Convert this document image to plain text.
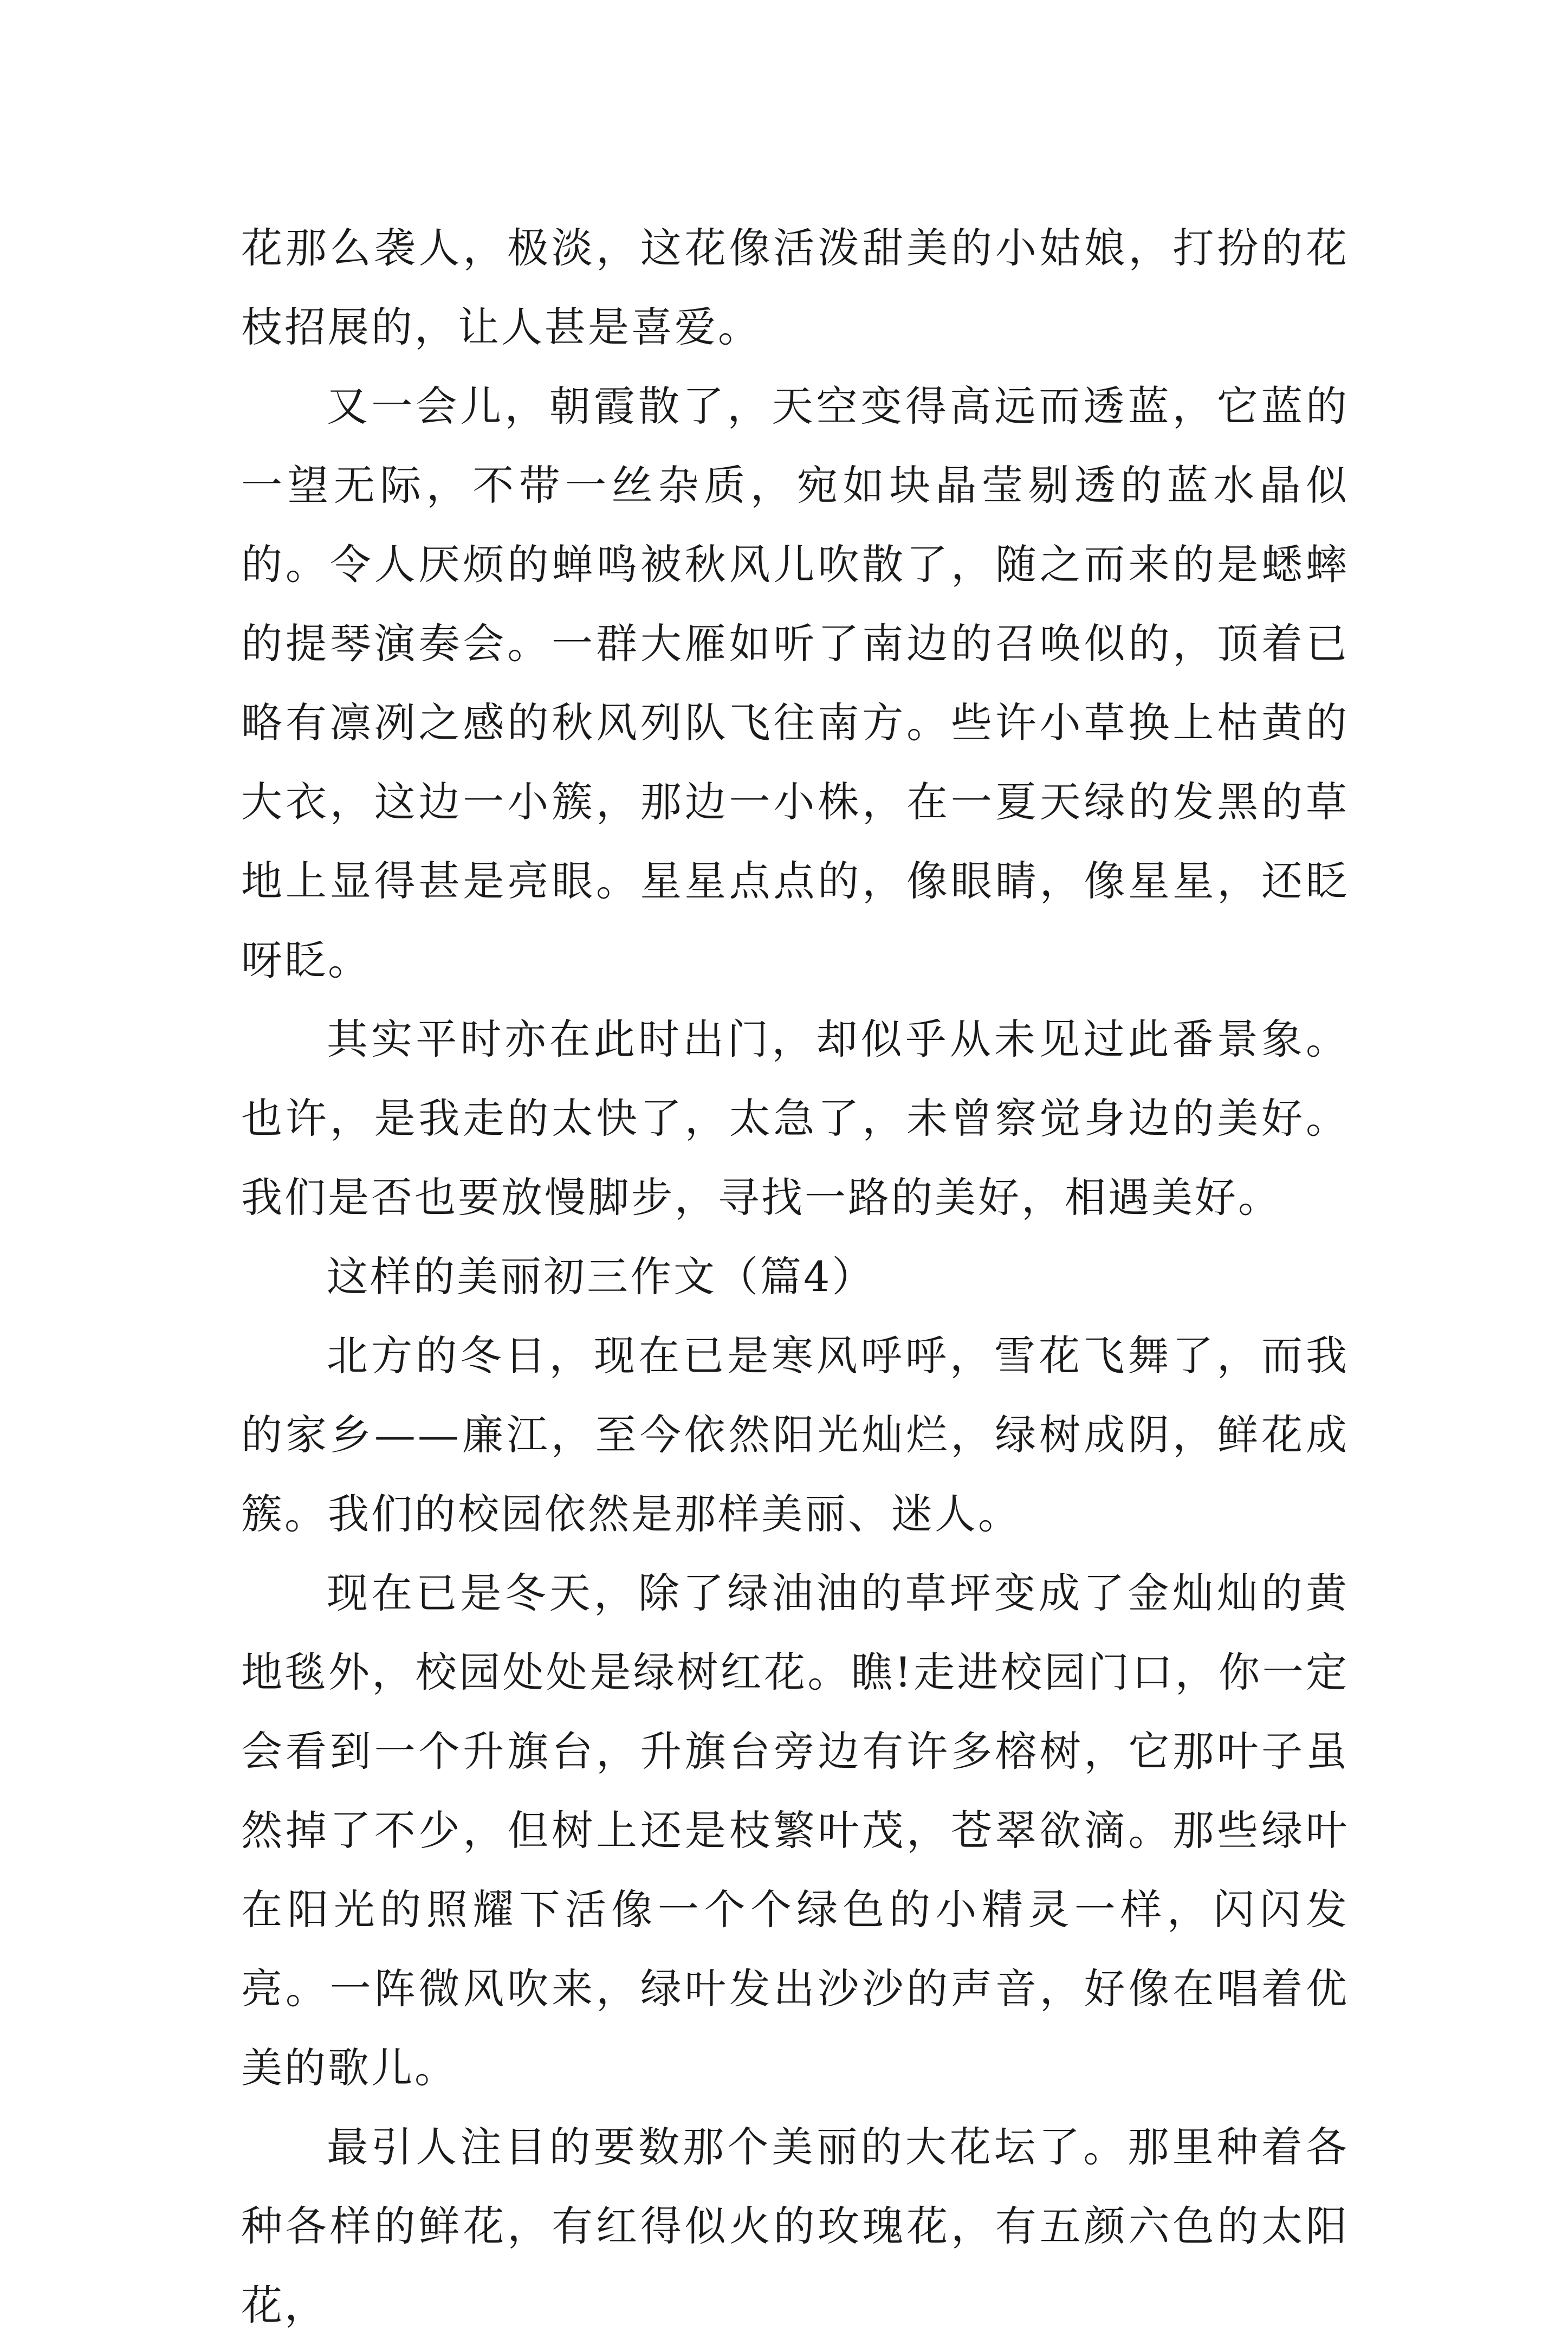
花那么袭人，极淡，这花像活泼甜美的小姑娘，打扮的花枝招展的，让人甚是喜爱。

又一会儿，朝霞散了，天空变得高远而透蓝，它蓝的一望无际，不带一丝杂质，宛如块晶莹剔透的蓝水晶似的。令人厌烦的蝉鸣被秋风儿吹散了，随之而来的是蟋蟀的提琴演奏会。一群大雁如听了南边的召唤似的，顶着已略有凛冽之感的秋风列队飞往南方。些许小草换上枯黄的大衣，这边一小簇，那边一小株，在一夏天绿的发黑的草地上显得甚是亮眼。星星点点的，像眼睛，像星星，还眨呀眨。

其实平时亦在此时出门，却似乎从未见过此番景象。也许，是我走的太快了，太急了，未曾察觉身边的美好。我们是否也要放慢脚步，寻找一路的美好，相遇美好。

这样的美丽初三作文（篇4）

北方的冬日，现在已是寒风呼呼，雪花飞舞了，而我的家乡——廉江，至今依然阳光灿烂，绿树成阴，鲜花成簇。我们的校园依然是那样美丽、迷人。

现在已是冬天，除了绿油油的草坪变成了金灿灿的黄地毯外，校园处处是绿树红花。瞧!走进校园门口，你一定会看到一个升旗台，升旗台旁边有许多榕树，它那叶子虽然掉了不少，但树上还是枝繁叶茂，苍翠欲滴。那些绿叶在阳光的照耀下活像一个个绿色的小精灵一样，闪闪发亮。一阵微风吹来，绿叶发出沙沙的声音，好像在唱着优美的歌儿。

最引人注目的要数那个美丽的大花坛了。那里种着各种各样的鲜花，有红得似火的玫瑰花，有五颜六色的太阳花，
